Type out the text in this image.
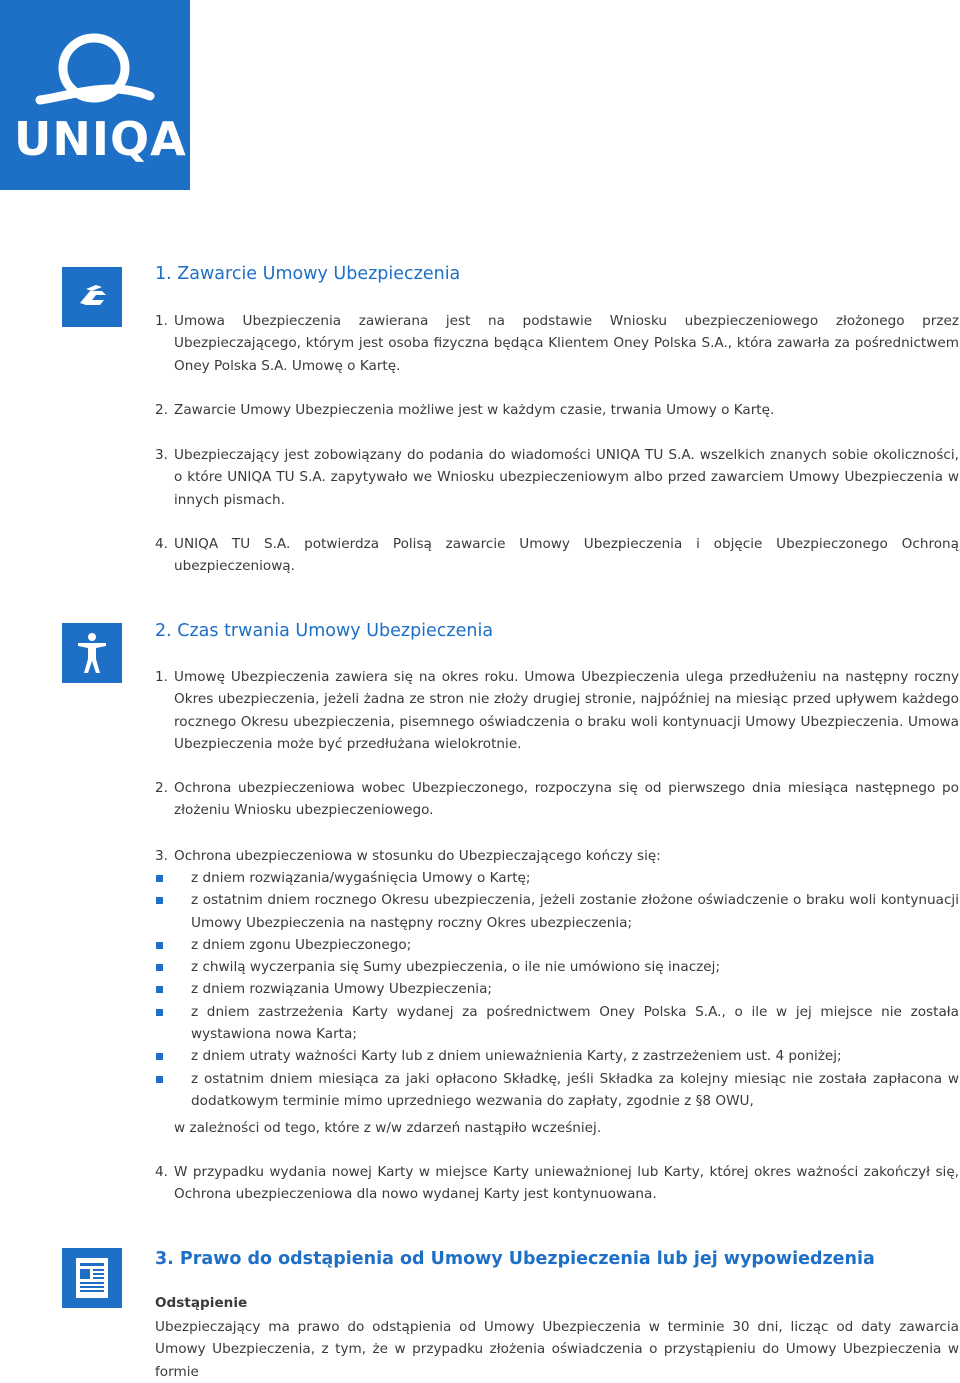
UNIQA
1. Zawarcie Umowy Ubezpieczenia
1. Umowa Ubezpieczenia zawierana jest na podstawie Wniosku ubezpieczeniowego złożonego przez Ubezpieczającego, którym jest osoba fizyczna będąca Klientem Oney Polska S.A., która zawarła za pośrednictwem Oney Polska S.A. Umowę o Kartę.
2. Zawarcie Umowy Ubezpieczenia możliwe jest w każdym czasie, trwania Umowy o Kartę.
3. Ubezpieczający jest zobowiązany do podania do wiadomości UNIQA TU S.A. wszelkich znanych sobie okoliczności, o które UNIQA TU S.A. zapytywało we Wniosku ubezpieczeniowym albo przed zawarciem Umowy Ubezpieczenia w innych pismach.
4. UNIQA TU S.A. potwierdza Polisą zawarcie Umowy Ubezpieczenia i objęcie Ubezpieczonego Ochroną ubezpieczeniową.
2. Czas trwania Umowy Ubezpieczenia
1. Umowę Ubezpieczenia zawiera się na okres roku. Umowa Ubezpieczenia ulega przedłużeniu na następny roczny Okres ubezpieczenia, jeżeli żadna ze stron nie złoży drugiej stronie, najpóźniej na miesiąc przed upływem każdego rocznego Okresu ubezpieczenia, pisemnego oświadczenia o braku woli kontynuacji Umowy Ubezpieczenia. Umowa Ubezpieczenia może być przedłużana wielokrotnie.
2. Ochrona ubezpieczeniowa wobec Ubezpieczonego, rozpoczyna się od pierwszego dnia miesiąca następnego po złożeniu Wniosku ubezpieczeniowego.
3. Ochrona ubezpieczeniowa w stosunku do Ubezpieczającego kończy się:
z dniem rozwiązania/wygaśnięcia Umowy o Kartę;
z ostatnim dniem rocznego Okresu ubezpieczenia, jeżeli zostanie złożone oświadczenie o braku woli kontynuacji Umowy Ubezpieczenia na następny roczny Okres ubezpieczenia;
z dniem zgonu Ubezpieczonego;
z chwilą wyczerpania się Sumy ubezpieczenia, o ile nie umówiono się inaczej;
z dniem rozwiązania Umowy Ubezpieczenia;
z dniem zastrzeżenia Karty wydanej za pośrednictwem Oney Polska S.A., o ile w jej miejsce nie została wystawiona nowa Karta;
z dniem utraty ważności Karty lub z dniem unieważnienia Karty, z zastrzeżeniem ust. 4 poniżej;
z ostatnim dniem miesiąca za jaki opłacono Składkę, jeśli Składka za kolejny miesiąc nie została zapłacona w dodatkowym terminie mimo uprzedniego wezwania do zapłaty, zgodnie z §8 OWU,

w zależności od tego, które z w/w zdarzeń nastąpiło wcześniej.

4. W przypadku wydania nowej Karty w miejsce Karty unieważnionej lub Karty, której okres ważności zakończył się, Ochrona ubezpieczeniowa dla nowo wydanej Karty jest kontynuowana.
3. Prawo do odstąpienia od Umowy Ubezpieczenia lub jej wypowiedzenia
Odstąpienie

Ubezpieczający ma prawo do odstąpienia od Umowy Ubezpieczenia w terminie 30 dni, licząc od daty zawarcia Umowy Ubezpieczenia, z tym, że w przypadku złożenia oświadczenia o przystąpieniu do Umowy Ubezpieczenia w formie
